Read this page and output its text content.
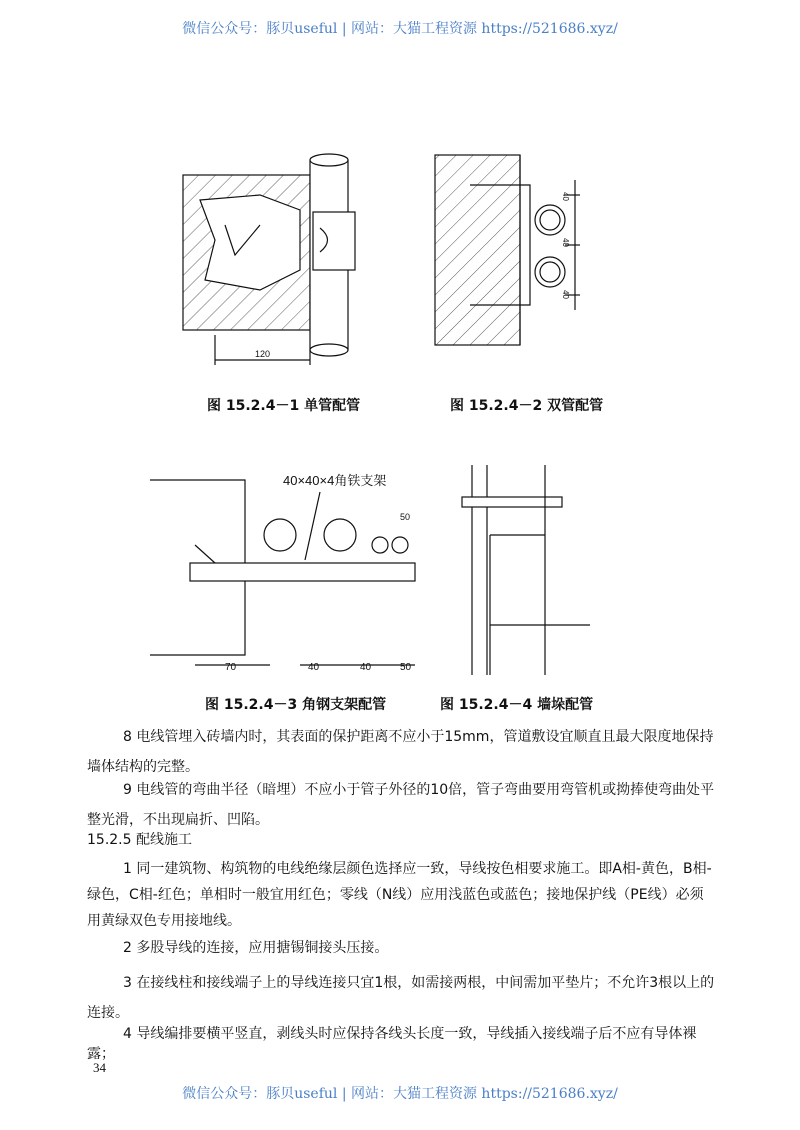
微信公众号：豚贝useful | 网站：大猫工程资源 https://521686.xyz/
120
40
40
40
40×40×4角铁支架
50
70	40	40	50
图 15.2.4－1 单管配管	图 15.2.4－2 双管配管
图 15.2.4－3 角钢支架配管	图 15.2.4－4 墙垛配管
8 电线管埋入砖墙内时，其表面的保护距离不应小于15mm，管道敷设宜顺直且最大限度地保持墙体结构的完整。
9 电线管的弯曲半径（暗埋）不应小于管子外径的10倍，管子弯曲要用弯管机或拗捧使弯曲处平整光滑，不出现扁折、凹陷。
15.2.5 配线施工
1 同一建筑物、构筑物的电线绝缘层颜色选择应一致，导线按色相要求施工。即A相-黄色，B相-绿色，C相-红色；单相时一般宜用红色；零线（N线）应用浅蓝色或蓝色；接地保护线（PE线）必须用黄绿双色专用接地线。
2 多股导线的连接，应用搪锡铜接头压接。
3 在接线柱和接线端子上的导线连接只宜1根，如需接两根，中间需加平垫片；不允许3根以上的连接。
4 导线编排要横平竖直，剥线头时应保持各线头长度一致，导线插入接线端子后不应有导体裸露；
34
微信公众号：豚贝useful | 网站：大猫工程资源 https://521686.xyz/
